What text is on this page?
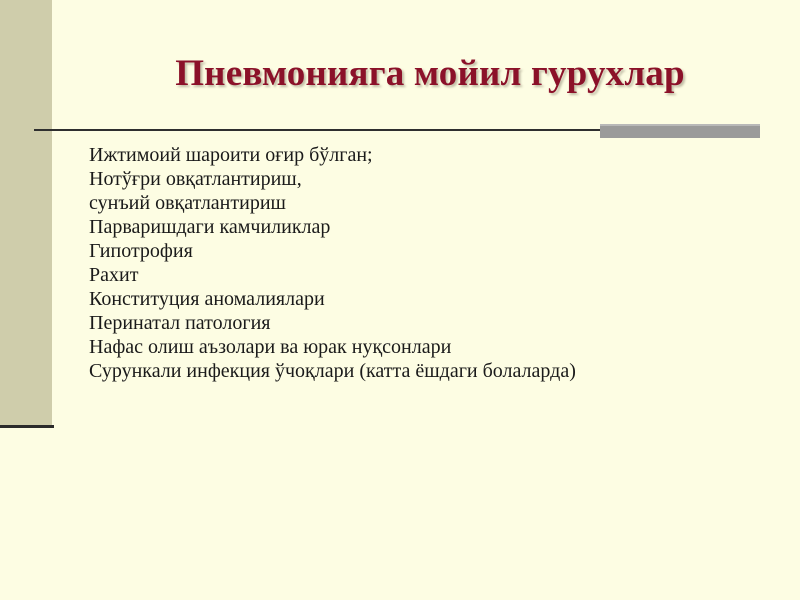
Пневмонияга мойил гурухлар
Ижтимоий шароити оғир бўлган;
Нотўғри овқатлантириш,
сунъий овқатлантириш
Парваришдаги камчиликлар
Гипотрофия
Рахит
Конституция аномалиялари
Перинатал патология
Нафас олиш аъзолари ва юрак нуқсонлари
Сурункали инфекция ўчоқлари (катта ёшдаги болаларда)
